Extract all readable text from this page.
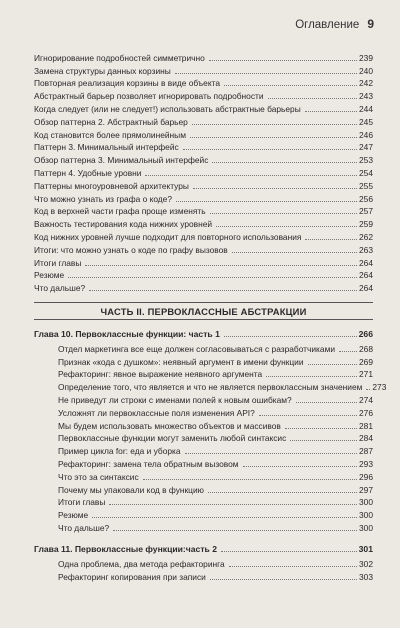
Оглавление 9
Игнорирование подробностей симметрично	239
Замена структуры данных корзины	240
Повторная реализация корзины в виде объекта	242
Абстрактный барьер позволяет игнорировать подробности	243
Когда следует (или не следует!) использовать абстрактные барьеры	244
Обзор паттерна 2. Абстрактный барьер	245
Код становится более прямолинейным	246
Паттерн 3. Минимальный интерфейс	247
Обзор паттерна 3. Минимальный интерфейс	253
Паттерн 4. Удобные уровни	254
Паттерны многоуровневой архитектуры	255
Что можно узнать из графа о коде?	256
Код в верхней части графа проще изменять	257
Важность тестирования кода нижних уровней	259
Код нижних уровней лучше подходит для повторного использования	262
Итоги: что можно узнать о коде по графу вызовов	263
Итоги главы	264
Резюме	264
Что дальше?	264
ЧАСТЬ II. ПЕРВОКЛАССНЫЕ АБСТРАКЦИИ
Глава 10. Первоклассные функции: часть 1	266
Отдел маркетинга все еще должен согласовываться с разработчиками	268
Признак «кода с душком»: неявный аргумент в имени функции	269
Рефакторинг: явное выражение неявного аргумента	271
Определение того, что является и что не является первоклассным значением 273
Не приведут ли строки с именами полей к новым ошибкам?	274
Усложнят ли первоклассные поля изменения API?	276
Мы будем использовать множество объектов и массивов	281
Первоклассные функции могут заменить любой синтаксис	284
Пример цикла for: еда и уборка	287
Рефакторинг: замена тела обратным вызовом	293
Что это за синтаксис	296
Почему мы упаковали код в функцию	297
Итоги главы	300
Резюме	300
Что дальше?	300
Глава 11. Первоклассные функции:часть 2	301
Одна проблема, два метода рефакторинга	302
Рефакторинг копирования при записи	303
